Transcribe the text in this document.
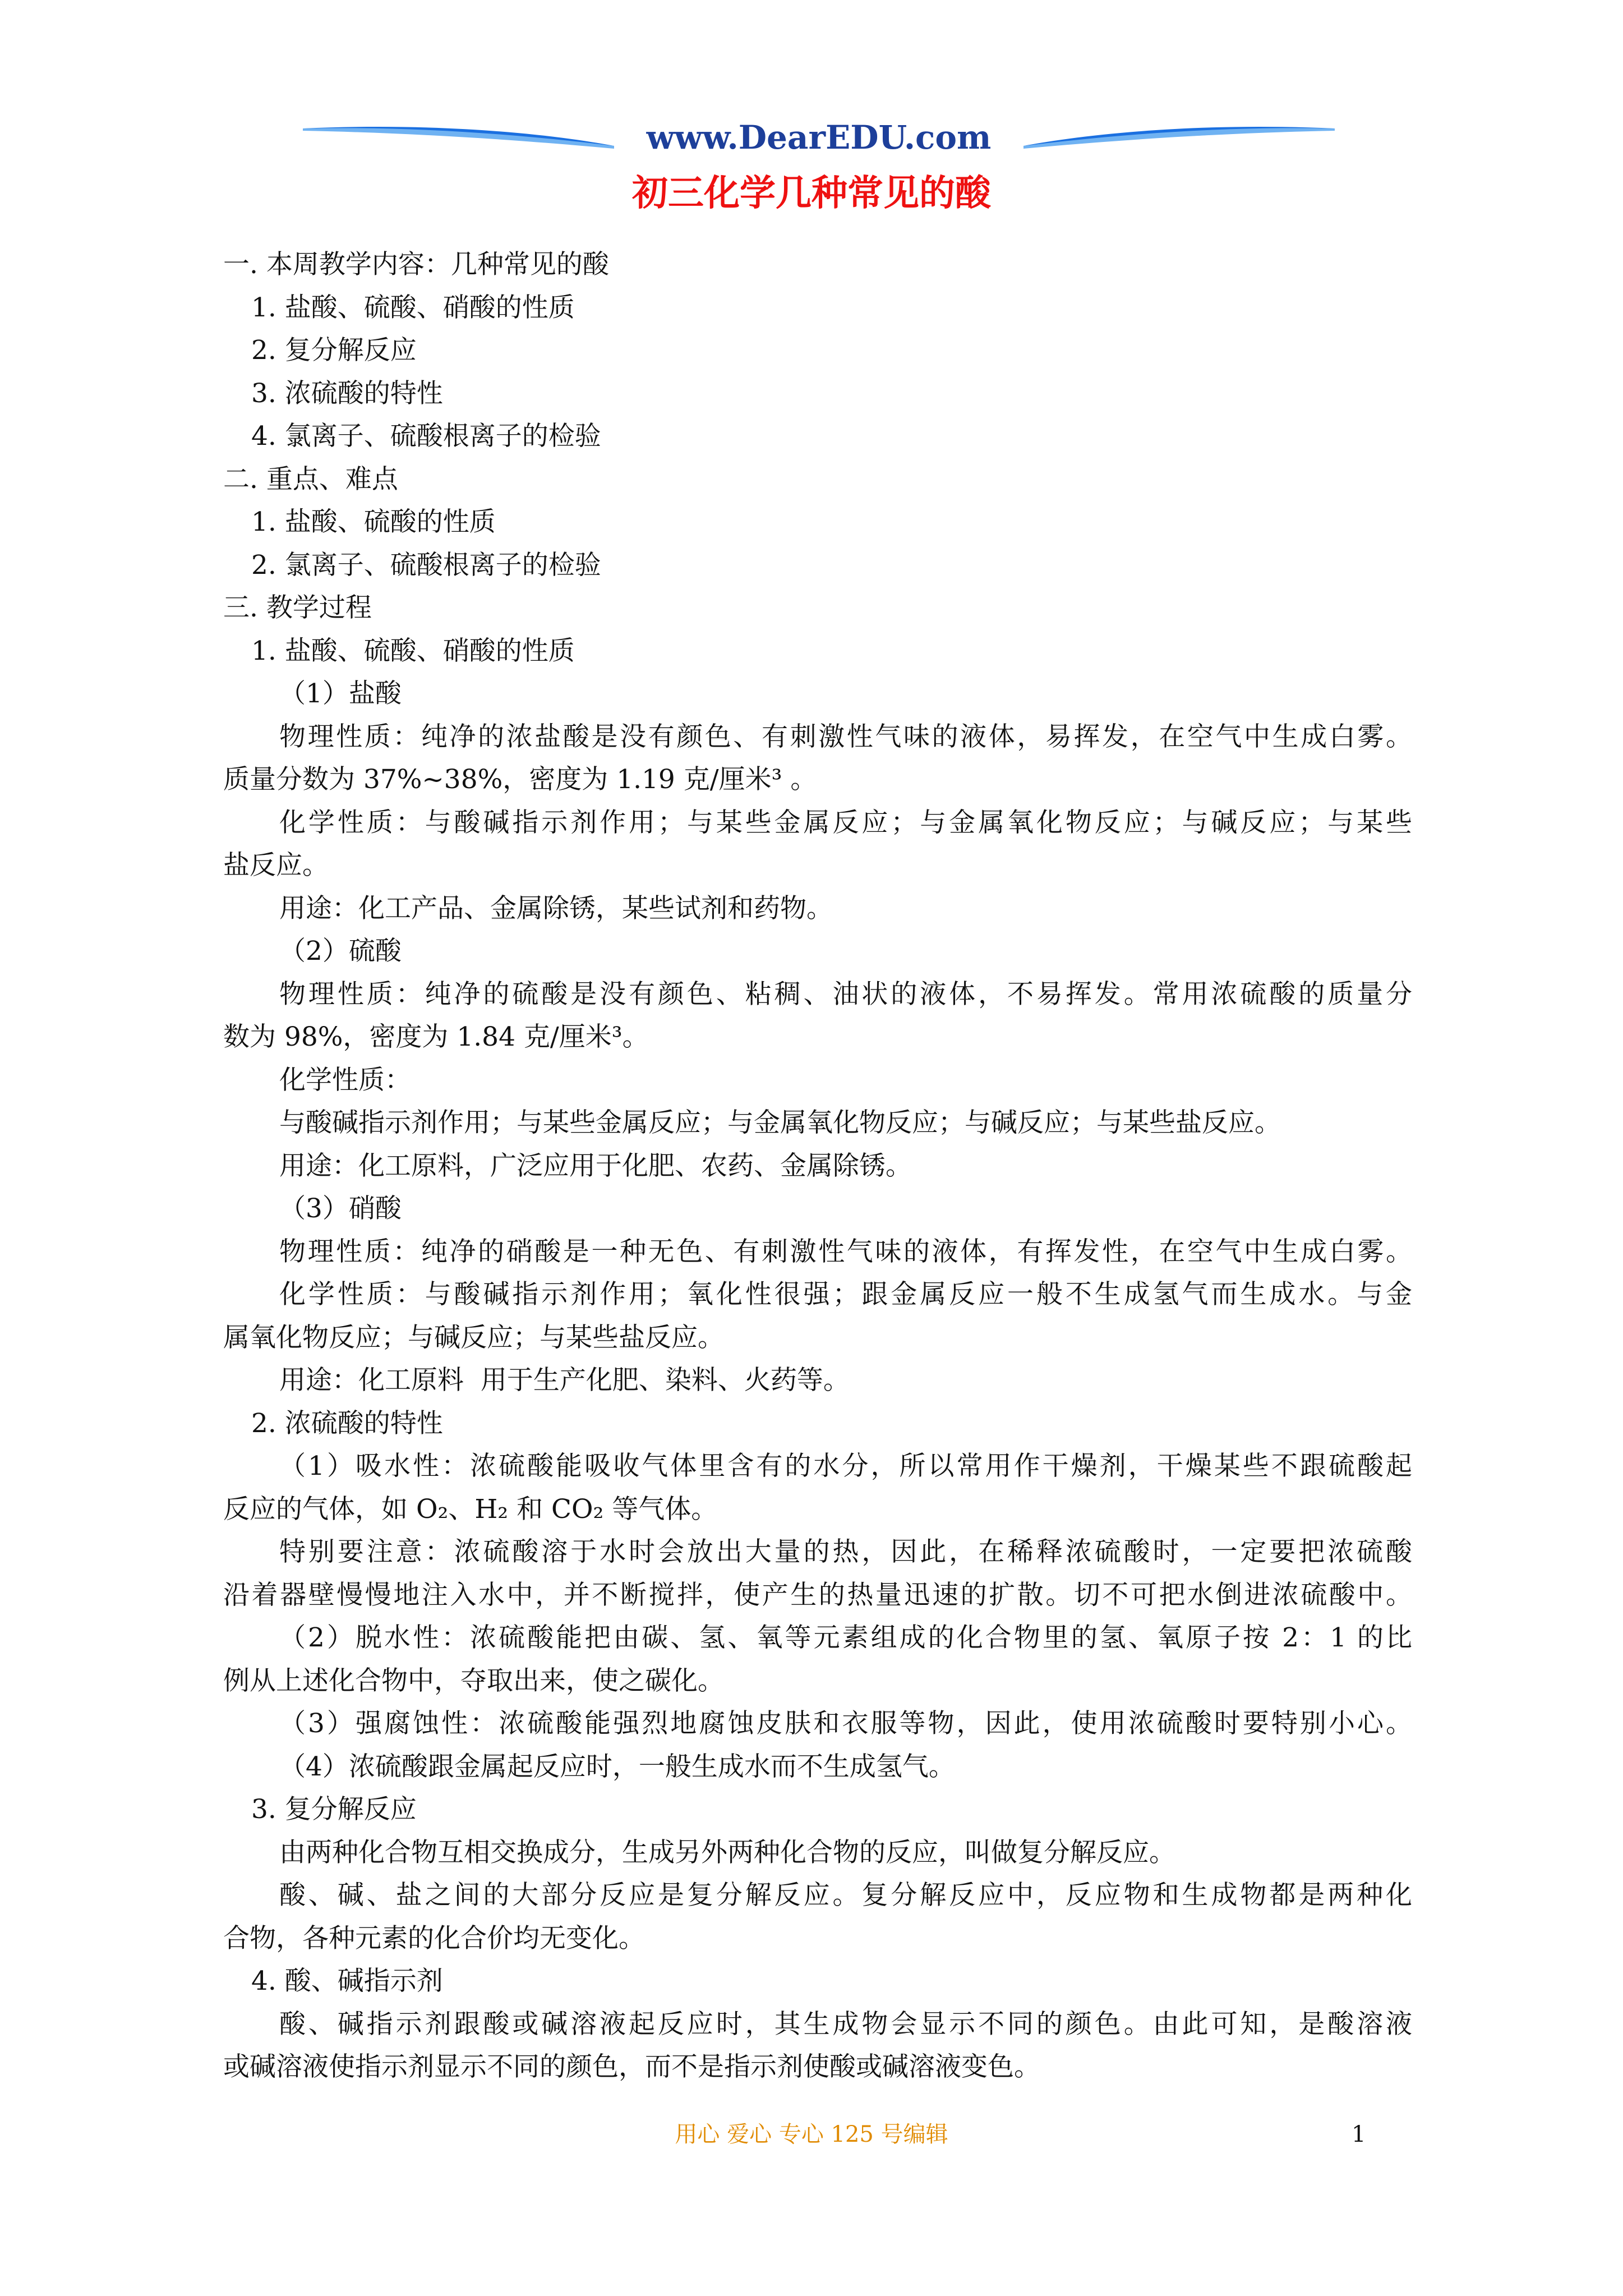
www.DearEDU.com
初三化学几种常见的酸
一. 本周教学内容：几种常见的酸
1. 盐酸、硫酸、硝酸的性质
2. 复分解反应
3. 浓硫酸的特性
4. 氯离子、硫酸根离子的检验
二. 重点、难点
1. 盐酸、硫酸的性质
2. 氯离子、硫酸根离子的检验
三. 教学过程
1. 盐酸、硫酸、硝酸的性质
（1）盐酸
物理性质：纯净的浓盐酸是没有颜色、有刺激性气味的液体，易挥发，在空气中生成白雾。
质量分数为 37%~38%，密度为 1.19 克/厘米³ 。
化学性质：与酸碱指示剂作用；与某些金属反应；与金属氧化物反应；与碱反应；与某些
盐反应。
用途：化工产品、金属除锈，某些试剂和药物。
（2）硫酸
物理性质：纯净的硫酸是没有颜色、粘稠、油状的液体，不易挥发。常用浓硫酸的质量分
数为 98%，密度为 1.84 克/厘米³。
化学性质：
与酸碱指示剂作用；与某些金属反应；与金属氧化物反应；与碱反应；与某些盐反应。
用途：化工原料，广泛应用于化肥、农药、金属除锈。
（3）硝酸
物理性质：纯净的硝酸是一种无色、有刺激性气味的液体，有挥发性，在空气中生成白雾。
化学性质：与酸碱指示剂作用；氧化性很强；跟金属反应一般不生成氢气而生成水。与金
属氧化物反应；与碱反应；与某些盐反应。
用途：化工原料  用于生产化肥、染料、火药等。
2. 浓硫酸的特性
（1）吸水性：浓硫酸能吸收气体里含有的水分，所以常用作干燥剂，干燥某些不跟硫酸起
反应的气体，如 O₂、H₂ 和 CO₂ 等气体。
特别要注意：浓硫酸溶于水时会放出大量的热，因此，在稀释浓硫酸时，一定要把浓硫酸
沿着器壁慢慢地注入水中，并不断搅拌，使产生的热量迅速的扩散。切不可把水倒进浓硫酸中。
（2）脱水性：浓硫酸能把由碳、氢、氧等元素组成的化合物里的氢、氧原子按 2：1 的比
例从上述化合物中，夺取出来，使之碳化。
（3）强腐蚀性：浓硫酸能强烈地腐蚀皮肤和衣服等物，因此，使用浓硫酸时要特别小心。
（4）浓硫酸跟金属起反应时，一般生成水而不生成氢气。
3. 复分解反应
由两种化合物互相交换成分，生成另外两种化合物的反应，叫做复分解反应。
酸、碱、盐之间的大部分反应是复分解反应。复分解反应中，反应物和生成物都是两种化
合物，各种元素的化合价均无变化。
4. 酸、碱指示剂
酸、碱指示剂跟酸或碱溶液起反应时，其生成物会显示不同的颜色。由此可知，是酸溶液
或碱溶液使指示剂显示不同的颜色，而不是指示剂使酸或碱溶液变色。
用心 爱心 专心 125 号编辑	1
